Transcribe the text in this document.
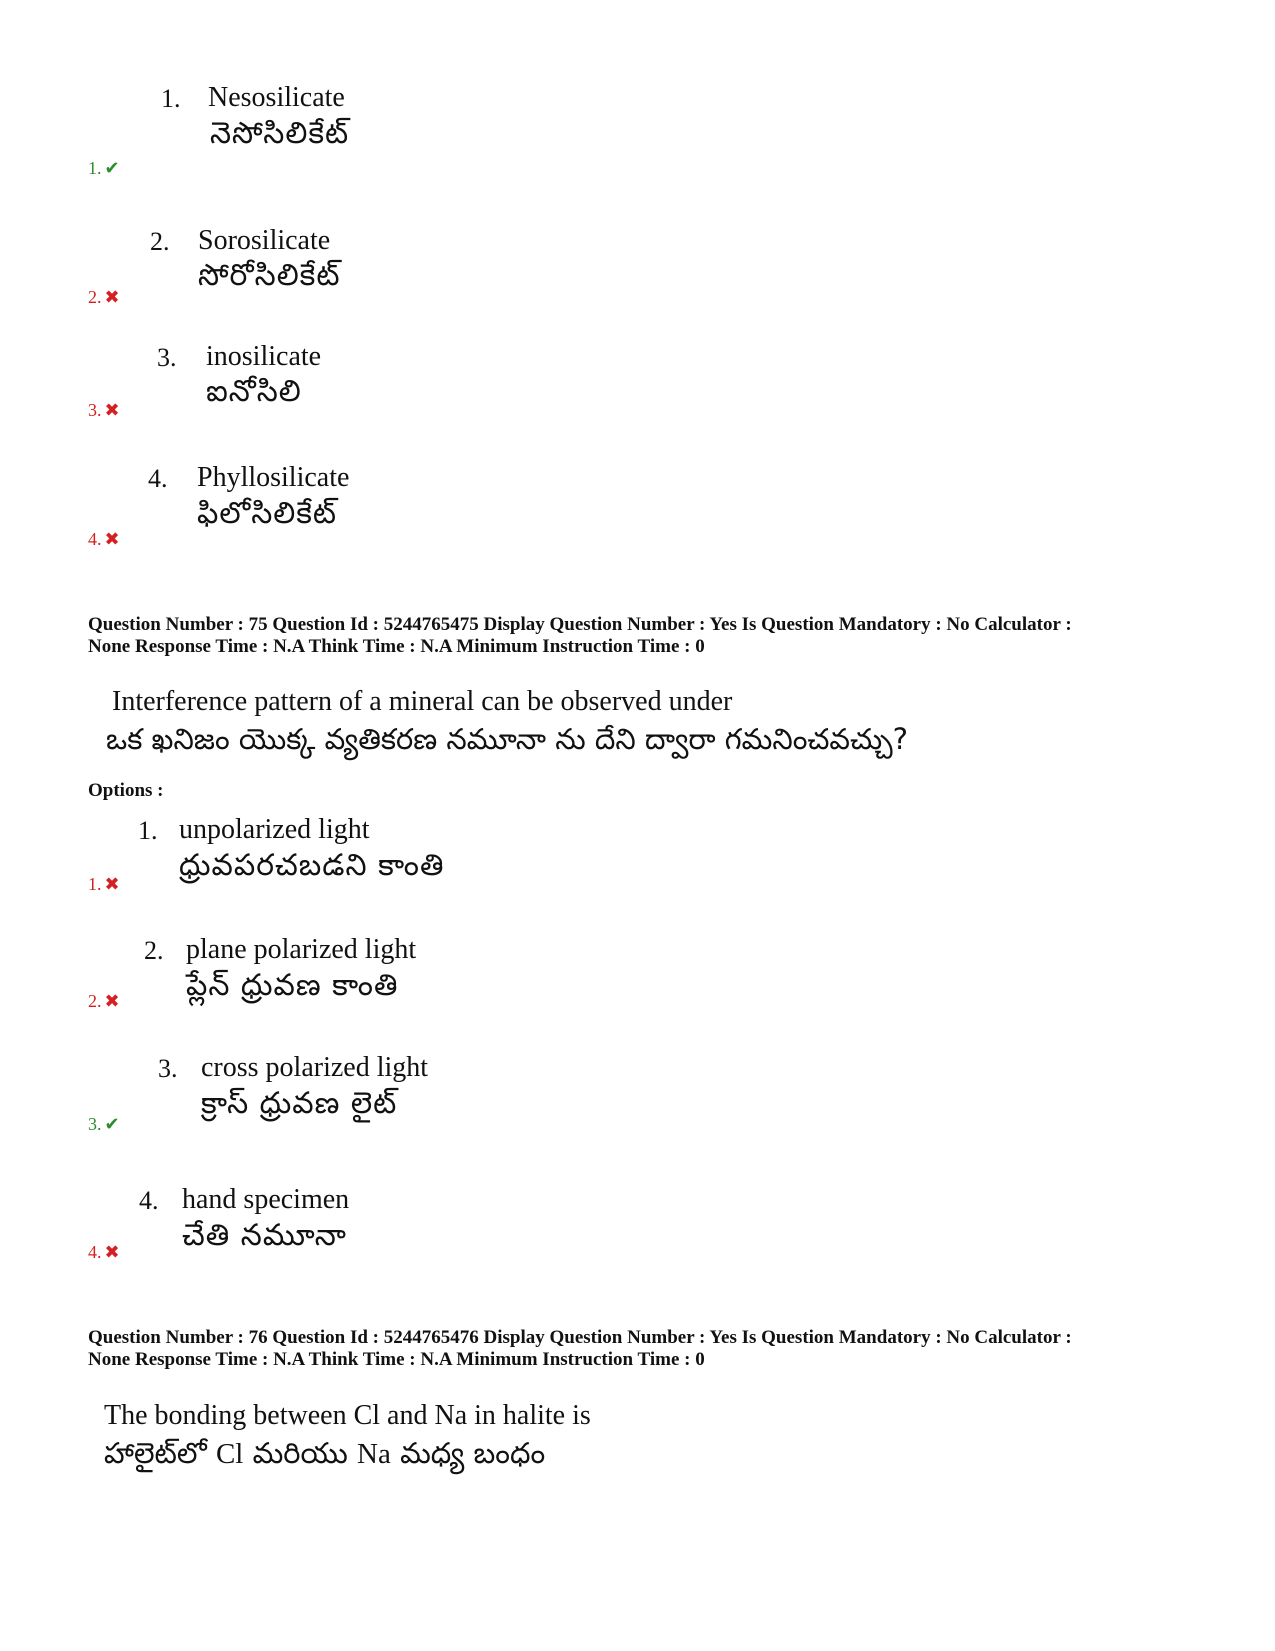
1. Nesosilicate
నెసోసిలికేట్
1. ✔
2. Sorosilicate
సోరోసిలికేట్
2. ✖
3. inosilicate
ఐనోసిలి
3. ✖
4. Phyllosilicate
ఫిలోసిలికేట్
4. ✖
Question Number : 75 Question Id : 5244765475 Display Question Number : Yes Is Question Mandatory : No Calculator :
None Response Time : N.A Think Time : N.A Minimum Instruction Time : 0
Interference pattern of a mineral can be observed under
ఒక ఖనిజం యొక్క వ్యతికరణ నమూనా ను దేని ద్వారా గమనించవచ్చు?
Options :
1. unpolarized light
ధ్రువపరచబడని కాంతి
1. ✖
2. plane polarized light
ప్లేన్ ధ్రువణ కాంతి
2. ✖
3. cross polarized light
క్రాస్ ధ్రువణ లైట్
3. ✔
4. hand specimen
చేతి నమూనా
4. ✖
Question Number : 76 Question Id : 5244765476 Display Question Number : Yes Is Question Mandatory : No Calculator :
None Response Time : N.A Think Time : N.A Minimum Instruction Time : 0
The bonding between Cl and Na in halite is
హాలైట్‌లో Cl మరియు Na మధ్య బంధం
